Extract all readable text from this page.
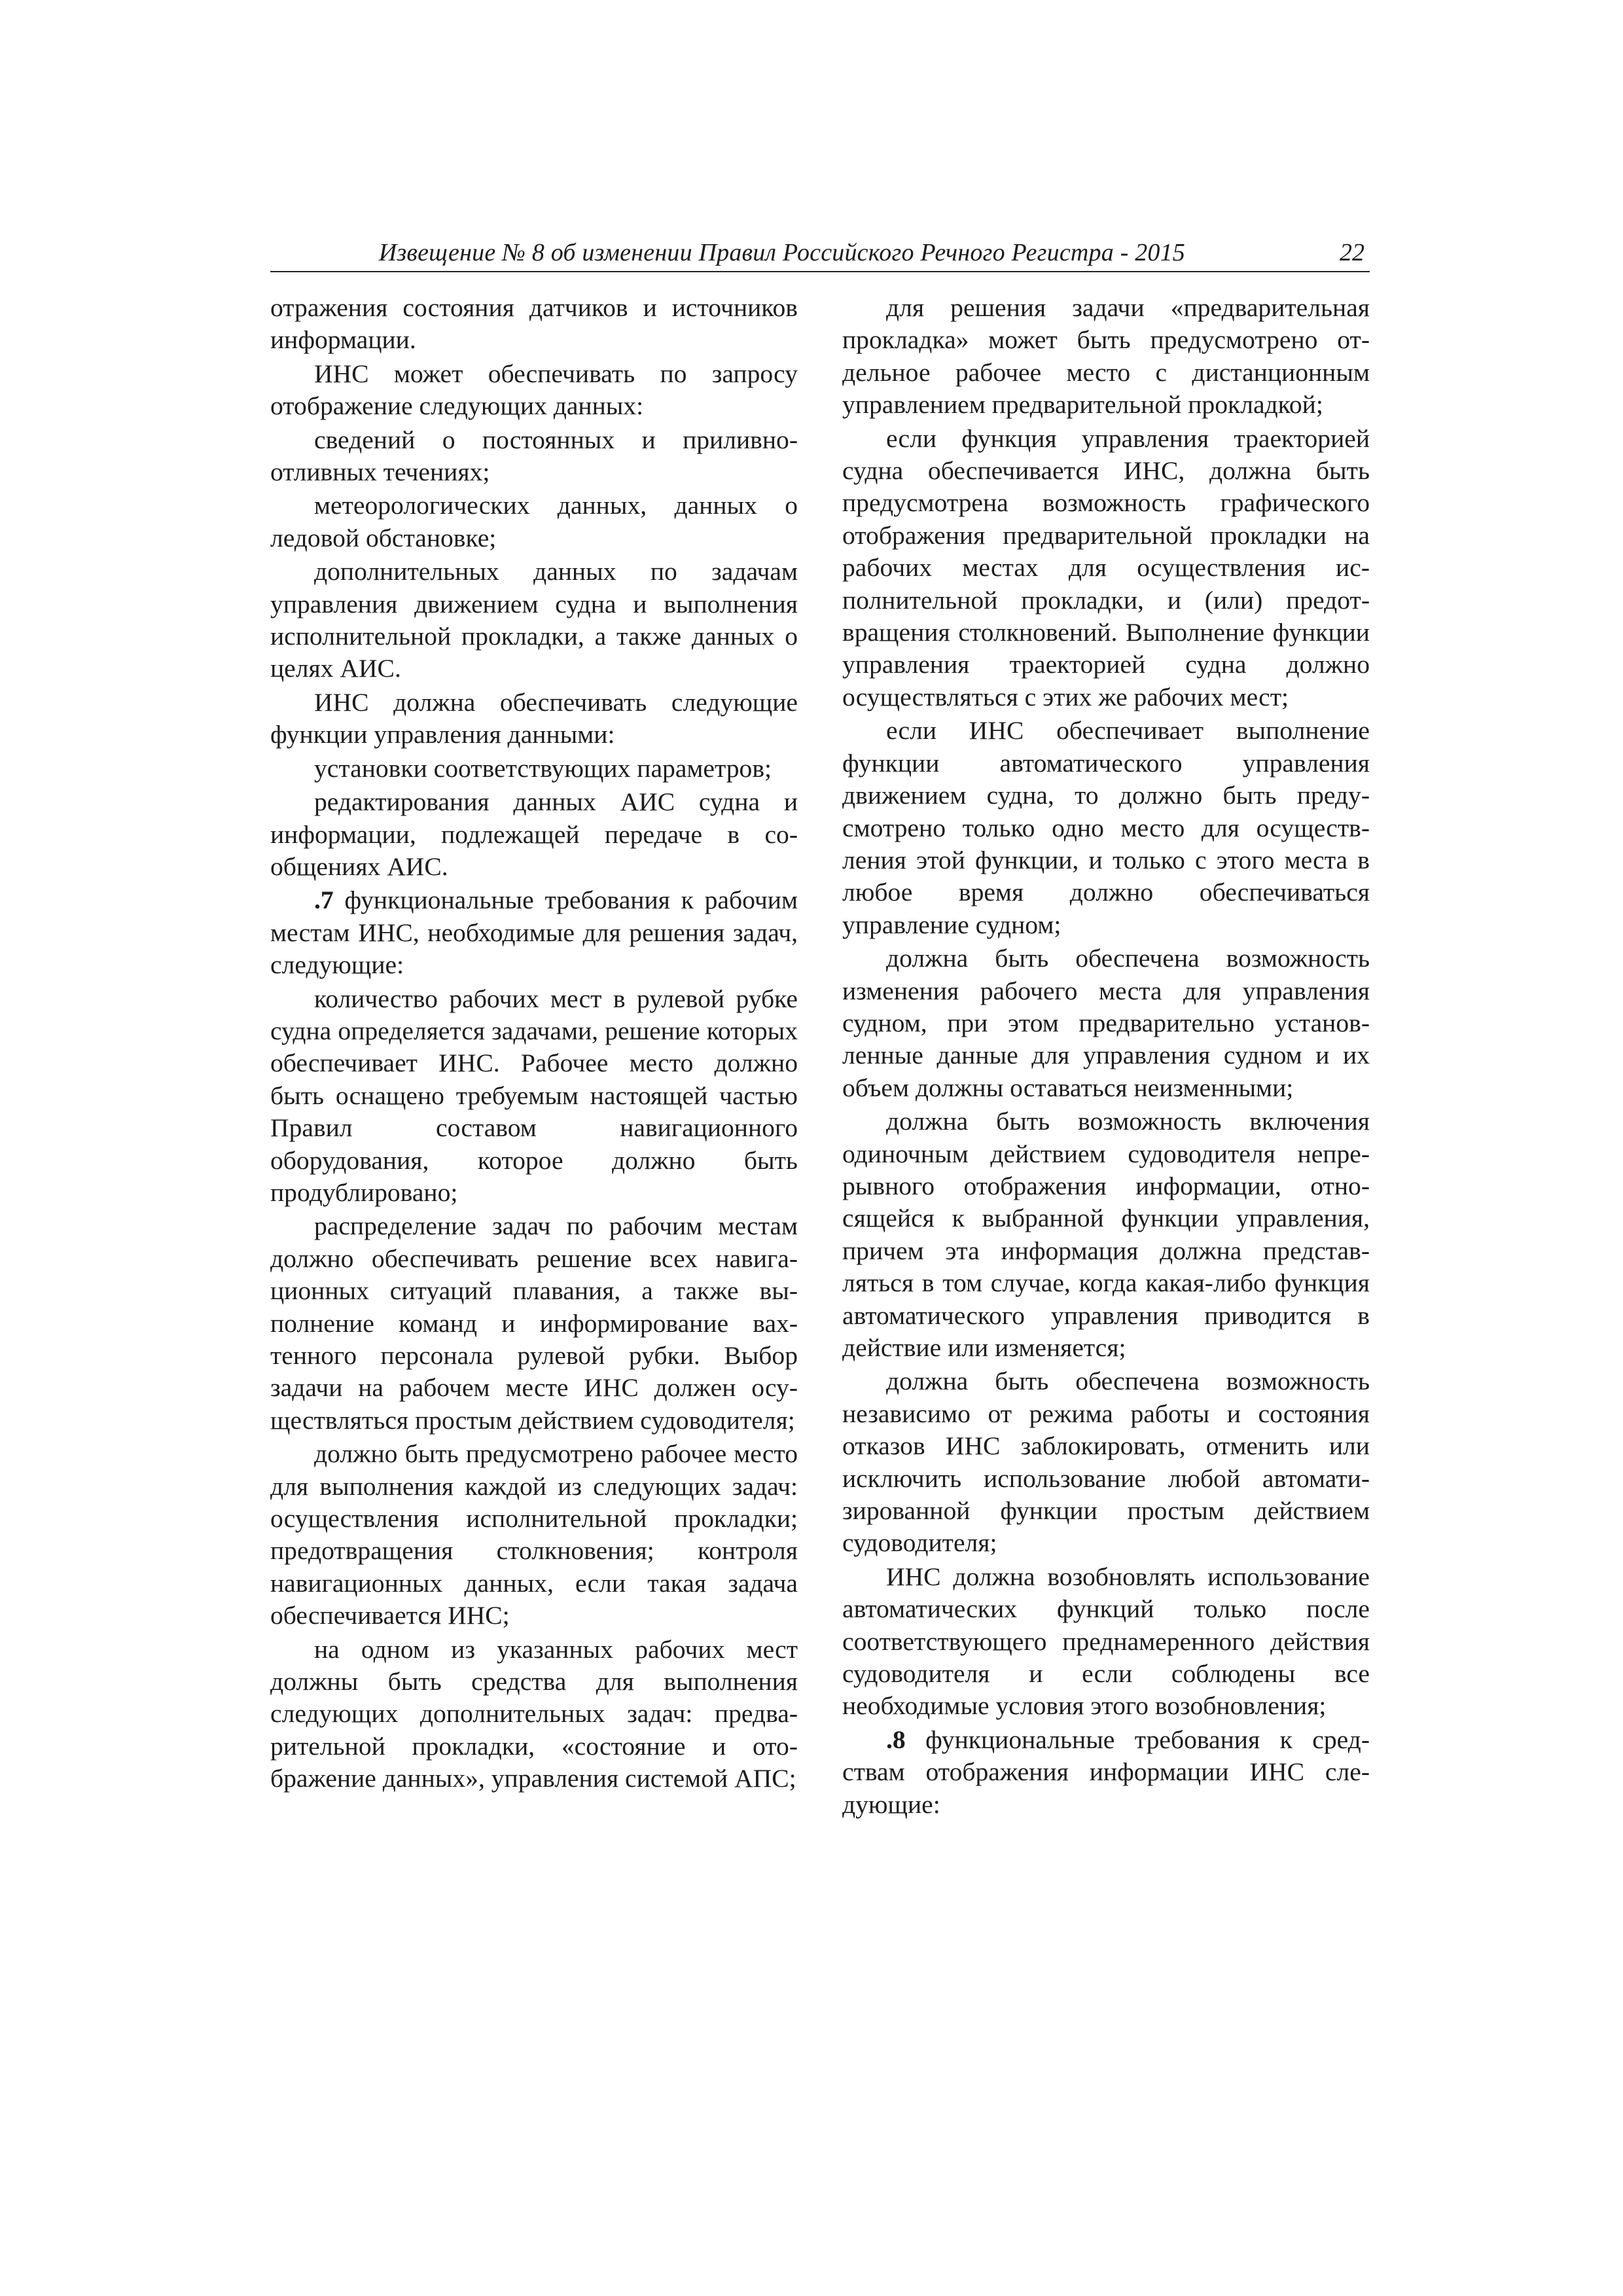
Извещение № 8 об изменении Правил Российского Речного Регистра - 2015	22

отражения состояния датчиков и источников информации.

ИНС может обеспечивать по запросу отображение следующих данных:

сведений о постоянных и приливноотливных течениях;

метеорологических данных, данных о ледовой обстановке;

дополнительных данных по задачам управления движением судна и выполнения исполнительной прокладки, а также данных о целях АИС.

ИНС должна обеспечивать следующие функции управления данными:

установки соответствующих параметров;

редактирования данных АИС судна и информации, подлежащей передаче в сообщениях АИС.

.7 функциональные требования к рабочим местам ИНС, необходимые для решения задач, следующие:

количество рабочих мест в рулевой рубке судна определяется задачами, решение которых обеспечивает ИНС. Рабочее место должно быть оснащено требуемым настоящей частью Правил составом навигационного оборудования, которое должно быть продублировано;

распределение задач по рабочим местам должно обеспечивать решение всех навигационных ситуаций плавания, а также выполнение команд и информирование вахтенного персонала рулевой рубки. Выбор задачи на рабочем месте ИНС должен осуществляться простым действием судоводителя;

должно быть предусмотрено рабочее место для выполнения каждой из следующих задач: осуществления исполнительной прокладки; предотвращения столкновения; контроля навигационных данных, если такая задача обеспечивается ИНС;

на одном из указанных рабочих мест должны быть средства для выполнения следующих дополнительных задач: предварительной прокладки, «состояние и отображение данных», управления системой АПС;

для решения задачи «предварительная прокладка» может быть предусмотрено отдельное рабочее место с дистанционным управлением предварительной прокладкой;

если функция управления траекторией судна обеспечивается ИНС, должна быть предусмотрена возможность графического отображения предварительной прокладки на рабочих местах для осуществления исполнительной прокладки, и (или) предотвращения столкновений. Выполнение функции управления траекторией судна должно осуществляться с этих же рабочих мест;

если ИНС обеспечивает выполнение функции автоматического управления движением судна, то должно быть предусмотрено только одно место для осуществления этой функции, и только с этого места в любое время должно обеспечиваться управление судном;

должна быть обеспечена возможность изменения рабочего места для управления судном, при этом предварительно установленные данные для управления судном и их объем должны оставаться неизменными;

должна быть возможность включения одиночным действием судоводителя непрерывного отображения информации, относящейся к выбранной функции управления, причем эта информация должна представляться в том случае, когда какая-либо функция автоматического управления приводится в действие или изменяется;

должна быть обеспечена возможность независимо от режима работы и состояния отказов ИНС заблокировать, отменить или исключить использование любой автоматизированной функции простым действием судоводителя;

ИНС должна возобновлять использование автоматических функций только после соответствующего преднамеренного действия судоводителя и если соблюдены все необходимые условия этого возобновления;

.8 функциональные требования к средствам отображения информации ИНС следующие:
